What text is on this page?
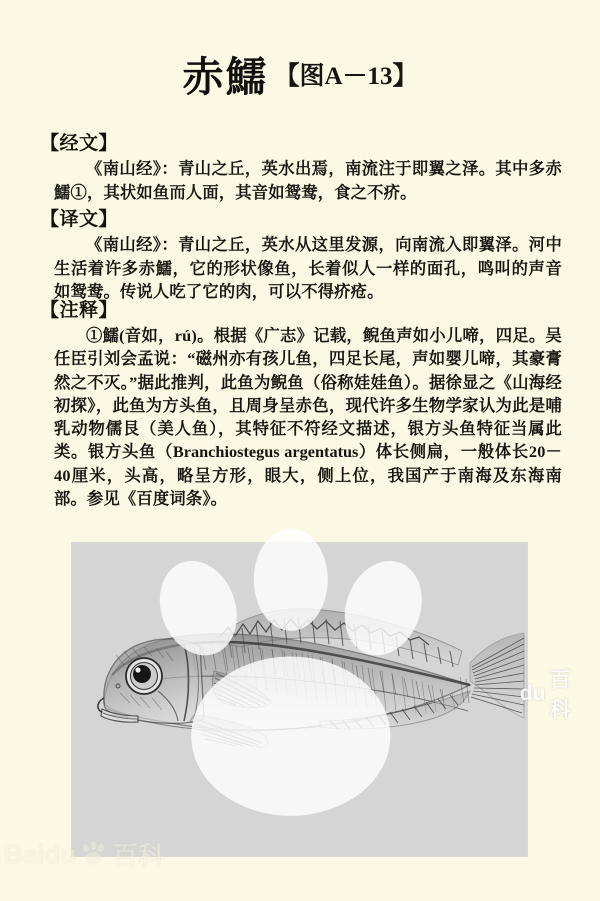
赤鱬 【图A－13】
【经文】

《南山经》：青山之丘，英水出焉，南流注于即翼之泽。其中多赤鱬①，其状如鱼而人面，其音如鸳鸯，食之不疥。

【译文】

《南山经》：青山之丘，英水从这里发源，向南流入即翼泽。河中生活着许多赤鱬，它的形状像鱼，长着似人一样的面孔，鸣叫的声音如鸳鸯。传说人吃了它的肉，可以不得疥疮。

【注释】

①鱬(音如，rú)。根据《广志》记载，鲵鱼声如小儿啼，四足。吴任臣引刘会孟说：“磁州亦有孩儿鱼，四足长尾，声如婴儿啼，其豪膏然之不灭。”据此推判，此鱼为鲵鱼（俗称娃娃鱼）。据徐显之《山海经初探》，此鱼为方头鱼，且周身呈赤色，现代许多生物学家认为此是哺乳动物儒艮（美人鱼），其特征不符经文描述，银方头鱼特征当属此类。银方头鱼（Branchiostegus argentatus）体长侧扁，一般体长20－40厘米，头高，略呈方形，眼大，侧上位，我国产于南海及东海南部。参见《百度词条》。

du
百科
Baidu 百科
